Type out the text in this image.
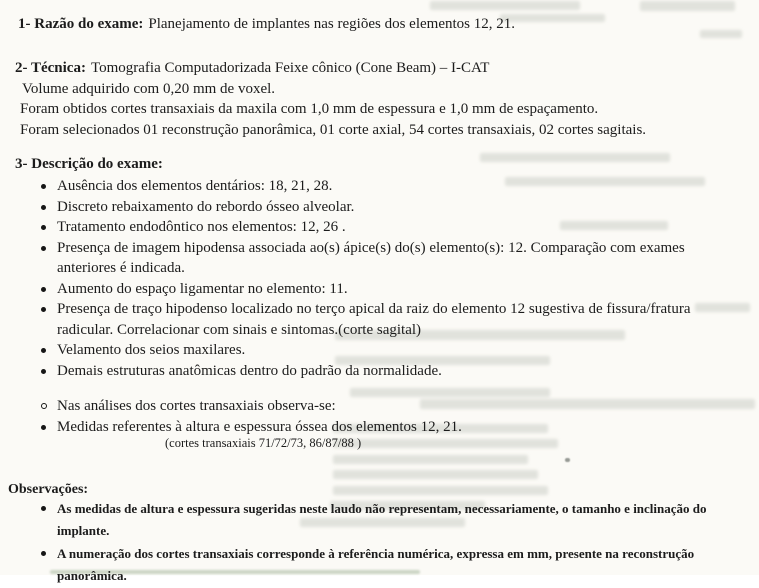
1- Razão do exame: Planejamento de implantes nas regiões dos elementos 12, 21.

2- Técnica: Tomografia Computadorizada Feixe cônico (Cone Beam) – I-CAT

Volume adquirido com 0,20 mm de voxel.

Foram obtidos cortes transaxiais da maxila com 1,0 mm de espessura e 1,0 mm de espaçamento.

Foram selecionados 01 reconstrução panorâmica, 01 corte axial, 54 cortes transaxiais, 02 cortes sagitais.

3- Descrição do exame:

Ausência dos elementos dentários: 18, 21, 28.
Discreto rebaixamento do rebordo ósseo alveolar.
Tratamento endodôntico nos elementos: 12, 26 .
Presença de imagem hipodensa associada ao(s) ápice(s) do(s) elemento(s): 12. Comparação com exames anteriores é indicada.
Aumento do espaço ligamentar no elemento: 11.
Presença de traço hipodenso localizado no terço apical da raiz do elemento 12 sugestiva de fissura/fratura radicular. Correlacionar com sinais e sintomas.(corte sagital)
Velamento dos seios maxilares.
Demais estruturas anatômicas dentro do padrão da normalidade.
Nas análises dos cortes transaxiais observa-se:
Medidas referentes à altura e espessura óssea dos elementos 12, 21.

(cortes transaxiais 71/72/73, 86/87/88 )

Observações:

As medidas de altura e espessura sugeridas neste laudo não representam, necessariamente, o tamanho e inclinação do implante.
A numeração dos cortes transaxiais corresponde à referência numérica, expressa em mm, presente na reconstrução panorâmica.
